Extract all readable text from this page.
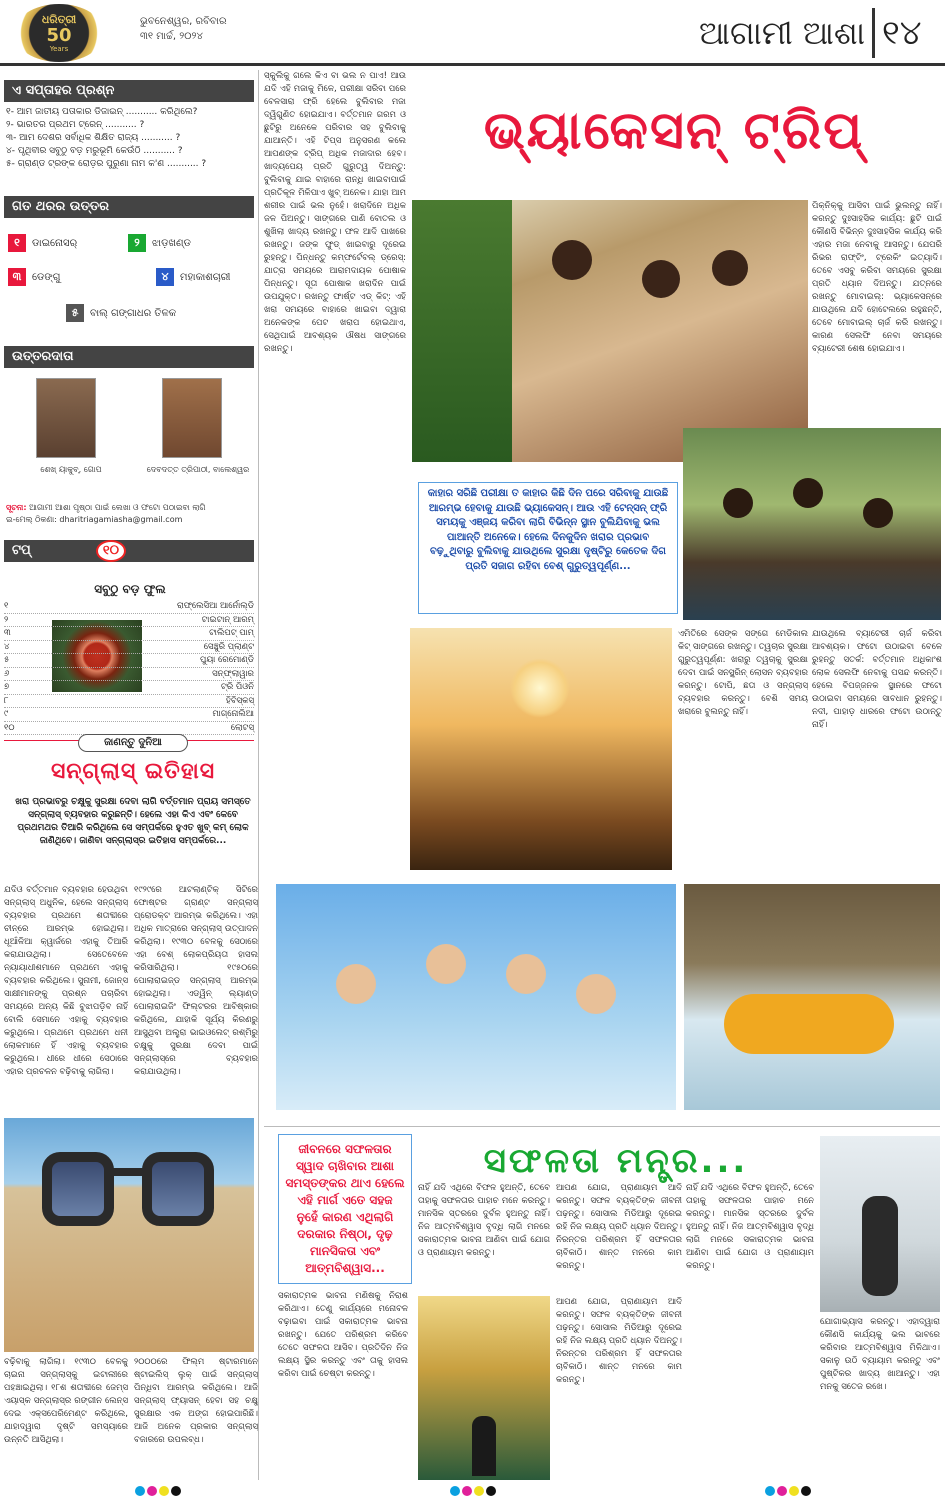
ଧରିତ୍ରୀ
50
Years
ଭୁବନେଶ୍ୱର, ରବିବାର
୩୧ ମାର୍ଚ୍ଚ, ୨୦୨୪	ଆଗାମୀ ଆଶା ୧୪
ଏ ସପ୍ତାହର ପ୍ରଶ୍ନ
୧- ଆମ ଜାତୀୟ ପତାକାର ଡିଜାଇନ୍ ........... କରିଥିଲେ?
୨- ଭାରତର ପ୍ରଥମ ଟ୍ରେନ୍ ........... ?
୩- ଆମ ଦେଶର ସର୍ବାଧିକ ଶିକ୍ଷିତ ରାଜ୍ୟ ........... ?
୪- ପୃଥିବୀର ସବୁଠୁ ବଡ଼ ମରୁଭୂମି କେଉଁଠି ........... ?
୫- ଗ୍ରାଣ୍ଡ ଟ୍ରଙ୍କ ରୋଡ଼ର ପୁରୁଣା ନାମ କ'ଣ ........... ?
ଗତ ଥରର ଉତ୍ତର
୧	ଡାଇନୋସର୍	୨	ଝାଡ଼ଖଣ୍ଡ
୩	ଡେଙ୍ଗୁ	୪	ମହାକାଶଚାରୀ
୫	ବାଲ୍ ଗଙ୍ଗାଧର ତିଳକ
ଉତ୍ତରଦାତା
ଶେଖ୍ ୟାକୁବ୍, ଗୋପ	ଦେବଦତ୍ତ ତ୍ରିପାଠୀ, ବାଲେଶ୍ୱର
ସୂଚନା: ଆଗାମୀ ଆଶା ପୃଷ୍ଠା ପାଇଁ ଲେଖା ଓ ଫଟୋ ପଠାଇବା ଲାଗି
ଇ-ମେଲ୍ ଠିକଣା: dharitriagamiasha@gmail.com
ଟପ୍	୧୦
ସବୁଠୁ ବଡ଼ ଫୁଲ
୧	ରାଫ୍ଲେସିଆ ଆର୍ନୋଲ୍ଡି
୨	ଟାଇଟାନ୍ ଆରମ୍
୩	ଟାଲିପଟ୍ ପାମ୍
୪	ସେଞ୍ଚୁରି ପ୍ଲାଣ୍ଟ
୫	ପୁୟା ରେମୋଣ୍ଡି
୬	ସନ୍‌ଫ୍ଲାୱାର
୭	ଟ୍ରି ପିଓନି
୮	ହିବିସ୍କସ୍
୯	ମାଗ୍ନୋଲିଆ
୧୦	ଲୋଟସ୍
ଜାଣନ୍ତୁ ଦୁନିଆ
ସନ୍‌ଗ୍ଲାସ୍ ଇତିହାସ
ଖରା ପ୍ରଭାବରୁ ଚକ୍ଷୁକୁ ସୁରକ୍ଷା ଦେବା ଲାଗି ବର୍ତ୍ତମାନ ପ୍ରାୟ ସମସ୍ତେ ସନ୍‌ଗ୍ଲାସ୍ ବ୍ୟବହାର କରୁଛନ୍ତି। ହେଲେ ଏହା କିଏ ଏବଂ କେବେ ପ୍ରଥମଥର ତିଆରି କରିଥିଲେ ସେ ସମ୍ପର୍କରେ ହୁଏତ ଖୁବ୍ କମ୍ ଲୋକ ଜାଣିଥିବେ। ଜାଣିବା ସନ୍‌ଗ୍ଲାସ୍‌ର ଇତିହାସ ସମ୍ପର୍କରେ...
ଯଦିଓ ବର୍ତ୍ତମାନ ବ୍ୟବହାର ହେଉଥିବା ସନ୍‌ଗ୍ଲାସ୍ ଅଧୁନିକ, ହେଲେ ସନ୍‌ଗ୍ଲାସ୍ ବ୍ୟବହାର ପ୍ରଥମେ ଶତାବ୍ଦୀରେ ଚୀନ୍‌ରେ ଆରମ୍ଭ ହୋଇଥିଲା। ଧୂଆଁଳିଆ କ୍ୱାର୍ଜରେ ଏହାକୁ ତିଆରି କରାଯାଉଥିଲା। ସେତେବେଳେ ନ୍ୟାୟାଧୀଶମାନେ ପ୍ରଥମେ ଏହାକୁ ବ୍ୟବହାର କରିଥିଲେ। ସୁନାମୀ, ଜୋନ୍ସ ସାକ୍ଷୀମାନଙ୍କୁ ପ୍ରଶ୍ନ ପଚାରିବା ସମୟରେ ଅନ୍ୟ କିଛି ବୁଝାପଡ଼ିବ ନାହିଁ ବୋଲି ସେମାନେ ଏହାକୁ ବ୍ୟବହାର କରୁଥିଲେ। ପ୍ରଥମେ ପ୍ରଥମେ ଧନୀ ଲୋକମାନେ ହିଁ ଏହାକୁ ବ୍ୟବହାର କରୁଥିଲେ। ଧୀରେ ଧୀରେ ସେଠାରେ ଏହାର ପ୍ରଚଳନ ବଢ଼ିବାକୁ ଲାଗିଲା।
୧୯୨୯ରେ ଆଟଲାଣ୍ଟିକ୍ ସିଟିରେ ଫୋଷ୍ଟର ଗ୍ରାଣ୍ଟ ସନ୍‌ଗ୍ଲାସ୍ ପ୍ରୋଡକ୍ଟ ଆରମ୍ଭ କରିଥିଲେ। ଏହା ଅଧିକ ମାତ୍ରାରେ ସନ୍‌ଗ୍ଲାସ୍ ଉତ୍ପାଦନ କରିଥିଲା। ୧୯୩୦ ବେଳକୁ ସେଠାରେ ଏହା ବେଶ୍ ଲୋକପ୍ରିୟତା ହାସଲ କରିସାରିଥିଲା। ୧୯୫୦ରେ ପୋଲାରାଇଜ୍ଡ ସନ୍‌ଗ୍ଲାସ୍ ଆରମ୍ଭ ହୋଇଥିଲା। ଏଡ୍ୱିନ୍ ଲ୍ୟାଣ୍ଡ ପୋଲାରାଇଜିଂ ଫିଲ୍ଟରର ଆବିଷ୍କାର କରିଥିଲେ, ଯାହାକି ସୂର୍ଯ୍ୟ କିରଣରୁ ଆସୁଥିବା ଅଲ୍ଟ୍ରା ଭାଇଓଲେଟ୍ ରଶ୍ମିରୁ ଚକ୍ଷୁକୁ ସୁରକ୍ଷା ଦେବା ପାଇଁ ସନ୍‌ଗ୍ଲାସ୍‌ରେ ବ୍ୟବହାର କରାଯାଉଥିଲା।
ବଢ଼ିବାକୁ ଲାଗିଲା। ୧୯୩୦ ବେଳକୁ ଚାଇନା ସନ୍‌ଗ୍ଲାସ୍‌କୁ ଇଟାଲୀରେ ପହଞ୍ଚାଇଥିଲା। ୧୮ଶ ଶତାବ୍ଦୀରେ ଜେମ୍ସ ଏୟାସ୍କ ସନ୍‌ଗ୍ଲାସ୍‌ର ରଙ୍ଗୀନ ଲେନ୍ସ ଦେଇ ଏକ୍ସପେରିମେଣ୍ଟ କରିଥିଲେ, ଯାହାଦ୍ୱାରା ଦୃଷ୍ଟି ସମସ୍ୟାରେ ଉନ୍ନତି ଆସିଥିଲା।
୨୦୦୦ରେ ଫିଲ୍ମ ଷ୍ଟାରମାନେ ଷ୍ଟାଇଲିସ୍ ଲୁକ୍ ପାଇଁ ସନ୍‌ଗ୍ଲାସ୍ ପିନ୍ଧିବା ଆରମ୍ଭ କରିଥିଲେ। ଆଜି ସନ୍‌ଗ୍ଲାସ୍ ଫ୍ୟାସନ୍ ହେବା ସହ ଚକ୍ଷୁ ସୁରକ୍ଷାର ଏକ ଅଙ୍ଗ ହୋଇପାରିଛି। ଆଜି ଅନେକ ପ୍ରକାର ସନ୍‌ଗ୍ଲାସ୍ ବଜାରରେ ଉପଲବ୍ଧ।
ସ୍କୁଲିକୁ ଗଲେ କିଏ ବା ଭଲ ନ ପାଏ! ଆଉ ଯଦି ଏହି ମଜାକୁ ମିଳେ, ପରୀକ୍ଷା ସରିବା ପରେ ବେଳସାରା ଫ୍ରି ହେଲେ ବୁଲିବାର ମଜା ଦ୍ୱିଗୁଣିତ ହୋଇଯାଏ। ବର୍ତ୍ତମାନ ଗରମ ଓ ଛୁଟିରୁ ଅନେକେ ପରିବାର ସହ ବୁଲିବାକୁ ଯାଆନ୍ତି। ଏହି ଟିପ୍ସ ଅନୁସରଣ କଲେ ଆପଣଙ୍କ ଟ୍ରିପ୍ ଅଧିକ ମଜାଦାର ହେବ। ଖାଦ୍ୟପେୟ ପ୍ରତି ଗୁରୁତ୍ୱ ଦିଅନ୍ତୁ: ବୁଲିବାକୁ ଯାଇ ବାହାରେ ରାନ୍ଧି ଖାଇବାପାଇଁ ପ୍ରତିକୂଳ ମିଳିପାଏ ଖୁବ୍ ଅନେକ। ଯାହା ଆମ ଶରୀର ପାଇଁ ଭଲ ନୁହେଁ। ଖରାଦିନେ ଅଧିକ ଜଳ ପିଅନ୍ତୁ। ସାଙ୍ଗରେ ପାଣି ବୋତଲ ଓ ଶୁଖିଲା ଖାଦ୍ୟ ରଖନ୍ତୁ। ଫଳ ଆଦି ପାଖରେ ରଖନ୍ତୁ। ଜଙ୍କ ଫୁଡ୍ ଖାଇବାରୁ ଦୂରେଇ ରୁହନ୍ତୁ। ପିନ୍ଧନ୍ତୁ କମ୍ଫର୍ଟେବଲ୍ ଡ୍ରେସ୍: ଯାତ୍ରା ସମୟରେ ଆରାମଦାୟକ ପୋଷାକ ପିନ୍ଧନ୍ତୁ। ସୂତା ପୋଷାକ ଖରାଦିନ ପାଇଁ ଉପଯୁକ୍ତ। ରଖନ୍ତୁ ଫାର୍ଷ୍ଟ ଏଡ୍ କିଟ୍: ଏହି ଖରା ସମୟରେ ବାହାରେ ଖାଇବା ଦ୍ୱାରା ଅନେକଙ୍କ ପେଟ ଖରାପ ହୋଇଥାଏ, ସେଥିପାଇଁ ଆବଶ୍ୟକ ଔଷଧ ସାଙ୍ଗରେ ରଖନ୍ତୁ।
ଭ୍ୟାକେସନ୍ ଟ୍ରିପ୍
ପିକ୍‌ନିକ୍‌କୁ ଆସିବା ପାଇଁ ଭୁଲନ୍ତୁ ନାହିଁ। କରନ୍ତୁ ଦୁଃସାହସିକ କାର୍ଯ୍ୟ: ଛୁଟି ପାଇଁ କୌଣସି ବିଭିନ୍ନ ଦୁଃସାହସିକ କାର୍ଯ୍ୟ କରି ଏହାର ମଜା ନେବାକୁ ଆସନ୍ତୁ। ଯେପରି ରିଭର ରାଫ୍ଟିଂ, ଟ୍ରେକିଂ ଇତ୍ୟାଦି। ତେବେ ଏସବୁ କରିବା ସମୟରେ ସୁରକ୍ଷା ପ୍ରତି ଧ୍ୟାନ ଦିଅନ୍ତୁ। ଯତ୍ନରେ ରଖନ୍ତୁ ମୋବାଇଲ୍: ଭ୍ୟାକେସନ୍‌ରେ ଯାଉଥିଲେ ଯଦି ହୋଟେଲରେ ରହୁଛନ୍ତି, ତେବେ ମୋବାଇଲ୍ ଚାର୍ଜ କରି ରଖନ୍ତୁ। କାରଣ ସେଲଫି ନେବା ସମୟରେ ବ୍ୟାଟେରୀ ଶେଷ ହୋଇଯାଏ।
କାହାର ସରିଛି ପରୀକ୍ଷା ତ କାହାର କିଛି ଦିନ ପରେ ସରିବାକୁ ଯାଉଛି ଆରମ୍ଭ ହେବାକୁ ଯାଉଛି ଭ୍ୟାକେସନ୍। ଆଉ ଏହି ଟେନ୍‌ସନ୍ ଫ୍ରି ସମୟକୁ ଏଞ୍ଜୟ କରିବା ଲାଗି ବିଭିନ୍ନ ସ୍ଥାନ ବୁଲିଯିବାକୁ ଭଲ ପାଆନ୍ତି ଅନେକେ। ହେଲେ ଦିନକୁଦିନ ଖରାର ପ୍ରଭାବ ବଢ଼ୁଥିବାରୁ ବୁଲିବାକୁ ଯାଉଥିଲେ ସୁରକ୍ଷା ଦୃଷ୍ଟିରୁ କେତେକ ଦିଗ ପ୍ରତି ସଜାଗ ରହିବା ବେଶ୍ ଗୁରୁତ୍ୱପୂର୍ଣ୍ଣ...
ଏମିତିରେ ସେଙ୍କ ସଙ୍ଗେ ମେଡିକାଲ କିଟ୍ ସାଙ୍ଗରେ ରଖନ୍ତୁ। ତ୍ୱଚାର ସୁରକ୍ଷା ଗୁରୁତ୍ୱପୂର୍ଣ୍ଣ: ଖରାରୁ ତ୍ୱଚାକୁ ସୁରକ୍ଷା ଦେବା ପାଇଁ ସନସ୍କ୍ରିନ୍ ଲୋସନ ବ୍ୟବହାର କରନ୍ତୁ। ଟୋପି, ଛତା ଓ ସନ୍‌ଗ୍ଲାସ୍ ବ୍ୟବହାର କରନ୍ତୁ। ବେଶି ସମୟ ଖରାରେ ବୁଲନ୍ତୁ ନାହିଁ।
ଯାଉଥିଲେ ବ୍ୟାଟେରୀ ଚାର୍ଜ କରିବା ଆବଶ୍ୟକ। ଫଟୋ ଉଠାଇବା ବେଳେ ରୁହନ୍ତୁ ସତର୍କ: ବର୍ତ୍ତମାନ ଅଧିକାଂଶ ଲୋକ ସେଲଫି ନେବାକୁ ପସନ୍ଦ କରନ୍ତି। ହେଲେ ବିପଜ୍ଜନକ ସ୍ଥାନରେ ଫଟୋ ଉଠାଇବା ସମୟରେ ସାବଧାନ ରୁହନ୍ତୁ। ନଦୀ, ପାହାଡ଼ ଧାରରେ ଫଟୋ ଉଠାନ୍ତୁ ନାହିଁ।
ଜୀବନରେ ସଫଳତାର ସ୍ୱାଦ ଚାଖିବାର ଆଶା ସମସ୍ତଙ୍କର ଥାଏ ହେଲେ ଏହି ମାର୍ଗ ଏତେ ସହଜ ନୁହେଁ କାରଣ ଏଥିଲାଗି ଦରକାର ନିଷ୍ଠା, ଦୃଢ଼ ମାନସିକତା ଏବଂ ଆତ୍ମବିଶ୍ୱାସ...
ସଫଳତା ମନ୍ତ୍ର...
ସକାରାତ୍ମକ ଭାବନା ମଣିଷକୁ ନିରାଶ କରିଥାଏ। ତେଣୁ କାର୍ଯ୍ୟରେ ମନୋବଳ ବଢ଼ାଇବା ପାଇଁ ସକାରାତ୍ମକ ଭାବନା ରଖନ୍ତୁ। ଯେତେ ପରିଶ୍ରମ କରିବେ ତେତେ ସଫଳତା ଆସିବ। ପ୍ରତିଦିନ ନିଜ ଲକ୍ଷ୍ୟ ସ୍ଥିର କରନ୍ତୁ ଏବଂ ତାକୁ ହାସଲ କରିବା ପାଇଁ ଚେଷ୍ଟା କରନ୍ତୁ।
ନାହିଁ ଯଦି ଏଥିରେ ବିଫଳ ହୁଅନ୍ତି, ତେବେ ତାହାକୁ ସଫଳତାର ପାହାଚ ମନେ କରନ୍ତୁ। ମାନସିକ ସ୍ତରରେ ଦୁର୍ବଳ ହୁଅନ୍ତୁ ନାହିଁ। ନିଜ ଆତ୍ମବିଶ୍ୱାସ ବୃଦ୍ଧି ଲାଗି ମନରେ ସକାରାତ୍ମକ ଭାବନା ଆଣିବା ପାଇଁ ଯୋଗ ଓ ପ୍ରାଣାୟାମ କରନ୍ତୁ।
ଆପଣ ଯୋଗ, ପ୍ରାଣାୟାମ ଆଦି କରନ୍ତୁ। ସଫଳ ବ୍ୟକ୍ତିଙ୍କ ଜୀବନୀ ପଢ଼ନ୍ତୁ। ସୋସାଲ ମିଡିଆରୁ ଦୂରେଇ ରହି ନିଜ ଲକ୍ଷ୍ୟ ପ୍ରତି ଧ୍ୟାନ ଦିଅନ୍ତୁ। ନିରନ୍ତର ପରିଶ୍ରମ ହିଁ ସଫଳତାର ଚାବିକାଠି। ଶାନ୍ତ ମନରେ କାମ କରନ୍ତୁ।
ଆପଣ ଯୋଗ, ପ୍ରାଣାୟାମ ଆଦି କରନ୍ତୁ। ସଫଳ ବ୍ୟକ୍ତିଙ୍କ ଜୀବନୀ ପଢ଼ନ୍ତୁ। ସୋସାଲ ମିଡିଆରୁ ଦୂରେଇ ରହି ନିଜ ଲକ୍ଷ୍ୟ ପ୍ରତି ଧ୍ୟାନ ଦିଅନ୍ତୁ। ନିରନ୍ତର ପରିଶ୍ରମ ହିଁ ସଫଳତାର ଚାବିକାଠି। ଶାନ୍ତ ମନରେ କାମ କରନ୍ତୁ।
ନାହିଁ ଯଦି ଏଥିରେ ବିଫଳ ହୁଅନ୍ତି, ତେବେ ତାହାକୁ ସଫଳତାର ପାହାଚ ମନେ କରନ୍ତୁ। ମାନସିକ ସ୍ତରରେ ଦୁର୍ବଳ ହୁଅନ୍ତୁ ନାହିଁ। ନିଜ ଆତ୍ମବିଶ୍ୱାସ ବୃଦ୍ଧି ଲାଗି ମନରେ ସକାରାତ୍ମକ ଭାବନା ଆଣିବା ପାଇଁ ଯୋଗ ଓ ପ୍ରାଣାୟାମ କରନ୍ତୁ।
ଯୋଗାଭ୍ୟାସ କରନ୍ତୁ। ଏହାଦ୍ୱାରା କୌଣସି କାର୍ଯ୍ୟକୁ ଭଲ ଭାବରେ କରିବାର ଆତ୍ମବିଶ୍ୱାସ ମିଳିଥାଏ। ସକାଳୁ ଉଠି ବ୍ୟାୟାମ କରନ୍ତୁ ଏବଂ ପୁଷ୍ଟିକର ଖାଦ୍ୟ ଖାଆନ୍ତୁ। ଏହା ମନକୁ ସତେଜ ରଖେ।
